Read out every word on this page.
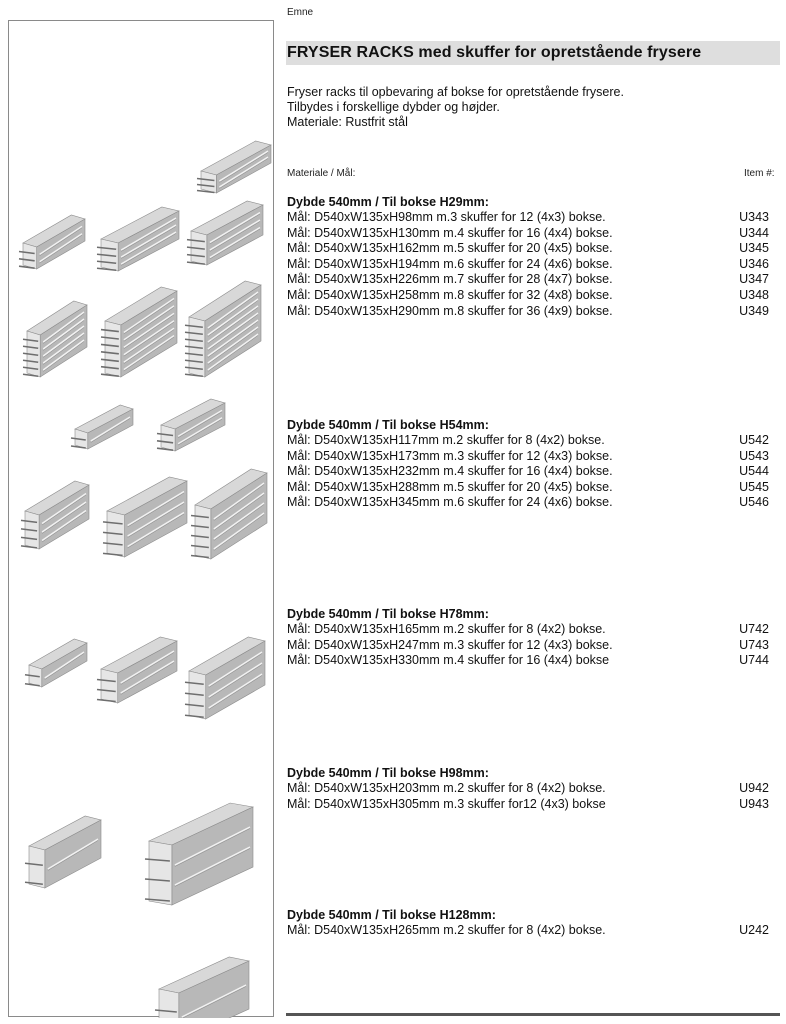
Emne
FRYSER RACKS med skuffer for opretstående frysere
Fryser racks til opbevaring af bokse for opretstående frysere.
Tilbydes i forskellige dybder og højder.
Materiale: Rustfrit stål
Materiale / Mål:	Item #:
Dybde 540mm / Til bokse H29mm:
Mål: D540xW135xH98mm m.3 skuffer for 12 (4x3) bokse.	U343
Mål: D540xW135xH130mm m.4 skuffer for 16 (4x4) bokse.	U344
Mål: D540xW135xH162mm m.5 skuffer for 20 (4x5) bokse.	U345
Mål: D540xW135xH194mm m.6 skuffer for 24 (4x6) bokse.	U346
Mål: D540xW135xH226mm m.7 skuffer for 28 (4x7) bokse.	U347
Mål: D540xW135xH258mm m.8 skuffer for 32 (4x8) bokse.	U348
Mål: D540xW135xH290mm m.8 skuffer for 36 (4x9) bokse.	U349
Dybde 540mm / Til bokse H54mm:
Mål: D540xW135xH117mm m.2 skuffer for 8 (4x2) bokse.	U542
Mål: D540xW135xH173mm m.3 skuffer for 12 (4x3) bokse.	U543
Mål: D540xW135xH232mm m.4 skuffer for 16 (4x4) bokse.	U544
Mål: D540xW135xH288mm m.5 skuffer for 20 (4x5) bokse.	U545
Mål: D540xW135xH345mm m.6 skuffer for 24 (4x6) bokse.	U546
Dybde 540mm / Til bokse H78mm:
Mål: D540xW135xH165mm m.2 skuffer for 8 (4x2) bokse.	U742
Mål: D540xW135xH247mm m.3 skuffer for 12 (4x3) bokse.	U743
Mål: D540xW135xH330mm m.4 skuffer for 16 (4x4) bokse	U744
Dybde 540mm / Til bokse H98mm:
Mål: D540xW135xH203mm m.2 skuffer for 8 (4x2) bokse.	U942
Mål: D540xW135xH305mm m.3 skuffer for12 (4x3) bokse	U943
Dybde 540mm / Til bokse H128mm:
Mål: D540xW135xH265mm m.2 skuffer for 8 (4x2) bokse.	U242
